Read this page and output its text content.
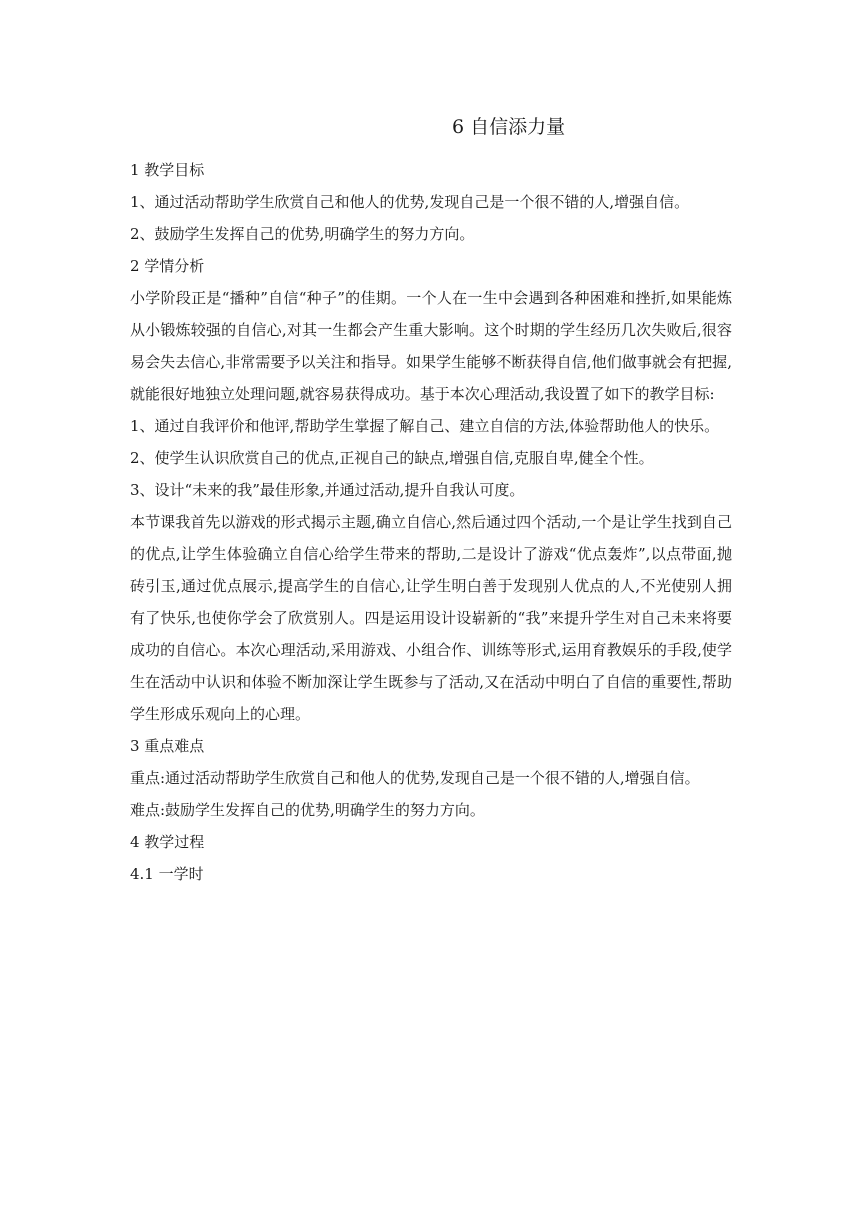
6 自信添力量

1 教学目标

1、通过活动帮助学生欣赏自己和他人的优势,发现自己是一个很不错的人,增强自信。

2、鼓励学生发挥自己的优势,明确学生的努力方向。

2 学情分析

小学阶段正是“播种”自信“种子”的佳期。一个人在一生中会遇到各种困难和挫折,如果能炼从小锻炼较强的自信心,对其一生都会产生重大影响。这个时期的学生经历几次失败后,很容易会失去信心,非常需要予以关注和指导。如果学生能够不断获得自信,他们做事就会有把握,就能很好地独立处理问题,就容易获得成功。基于本次心理活动,我设置了如下的教学目标:

1、通过自我评价和他评,帮助学生掌握了解自己、建立自信的方法,体验帮助他人的快乐。

2、使学生认识欣赏自己的优点,正视自己的缺点,增强自信,克服自卑,健全个性。

3、设计“未来的我”最佳形象,并通过活动,提升自我认可度。

本节课我首先以游戏的形式揭示主题,确立自信心,然后通过四个活动,一个是让学生找到自己的优点,让学生体验确立自信心给学生带来的帮助,二是设计了游戏“优点轰炸”,以点带面,抛砖引玉,通过优点展示,提高学生的自信心,让学生明白善于发现别人优点的人,不光使别人拥有了快乐,也使你学会了欣赏别人。四是运用设计设崭新的“我”来提升学生对自己未来将要成功的自信心。本次心理活动,采用游戏、小组合作、训练等形式,运用育教娱乐的手段,使学生在活动中认识和体验不断加深让学生既参与了活动,又在活动中明白了自信的重要性,帮助学生形成乐观向上的心理。

3 重点难点

重点:通过活动帮助学生欣赏自己和他人的优势,发现自己是一个很不错的人,增强自信。

难点:鼓励学生发挥自己的优势,明确学生的努力方向。

4 教学过程

4.1 一学时
